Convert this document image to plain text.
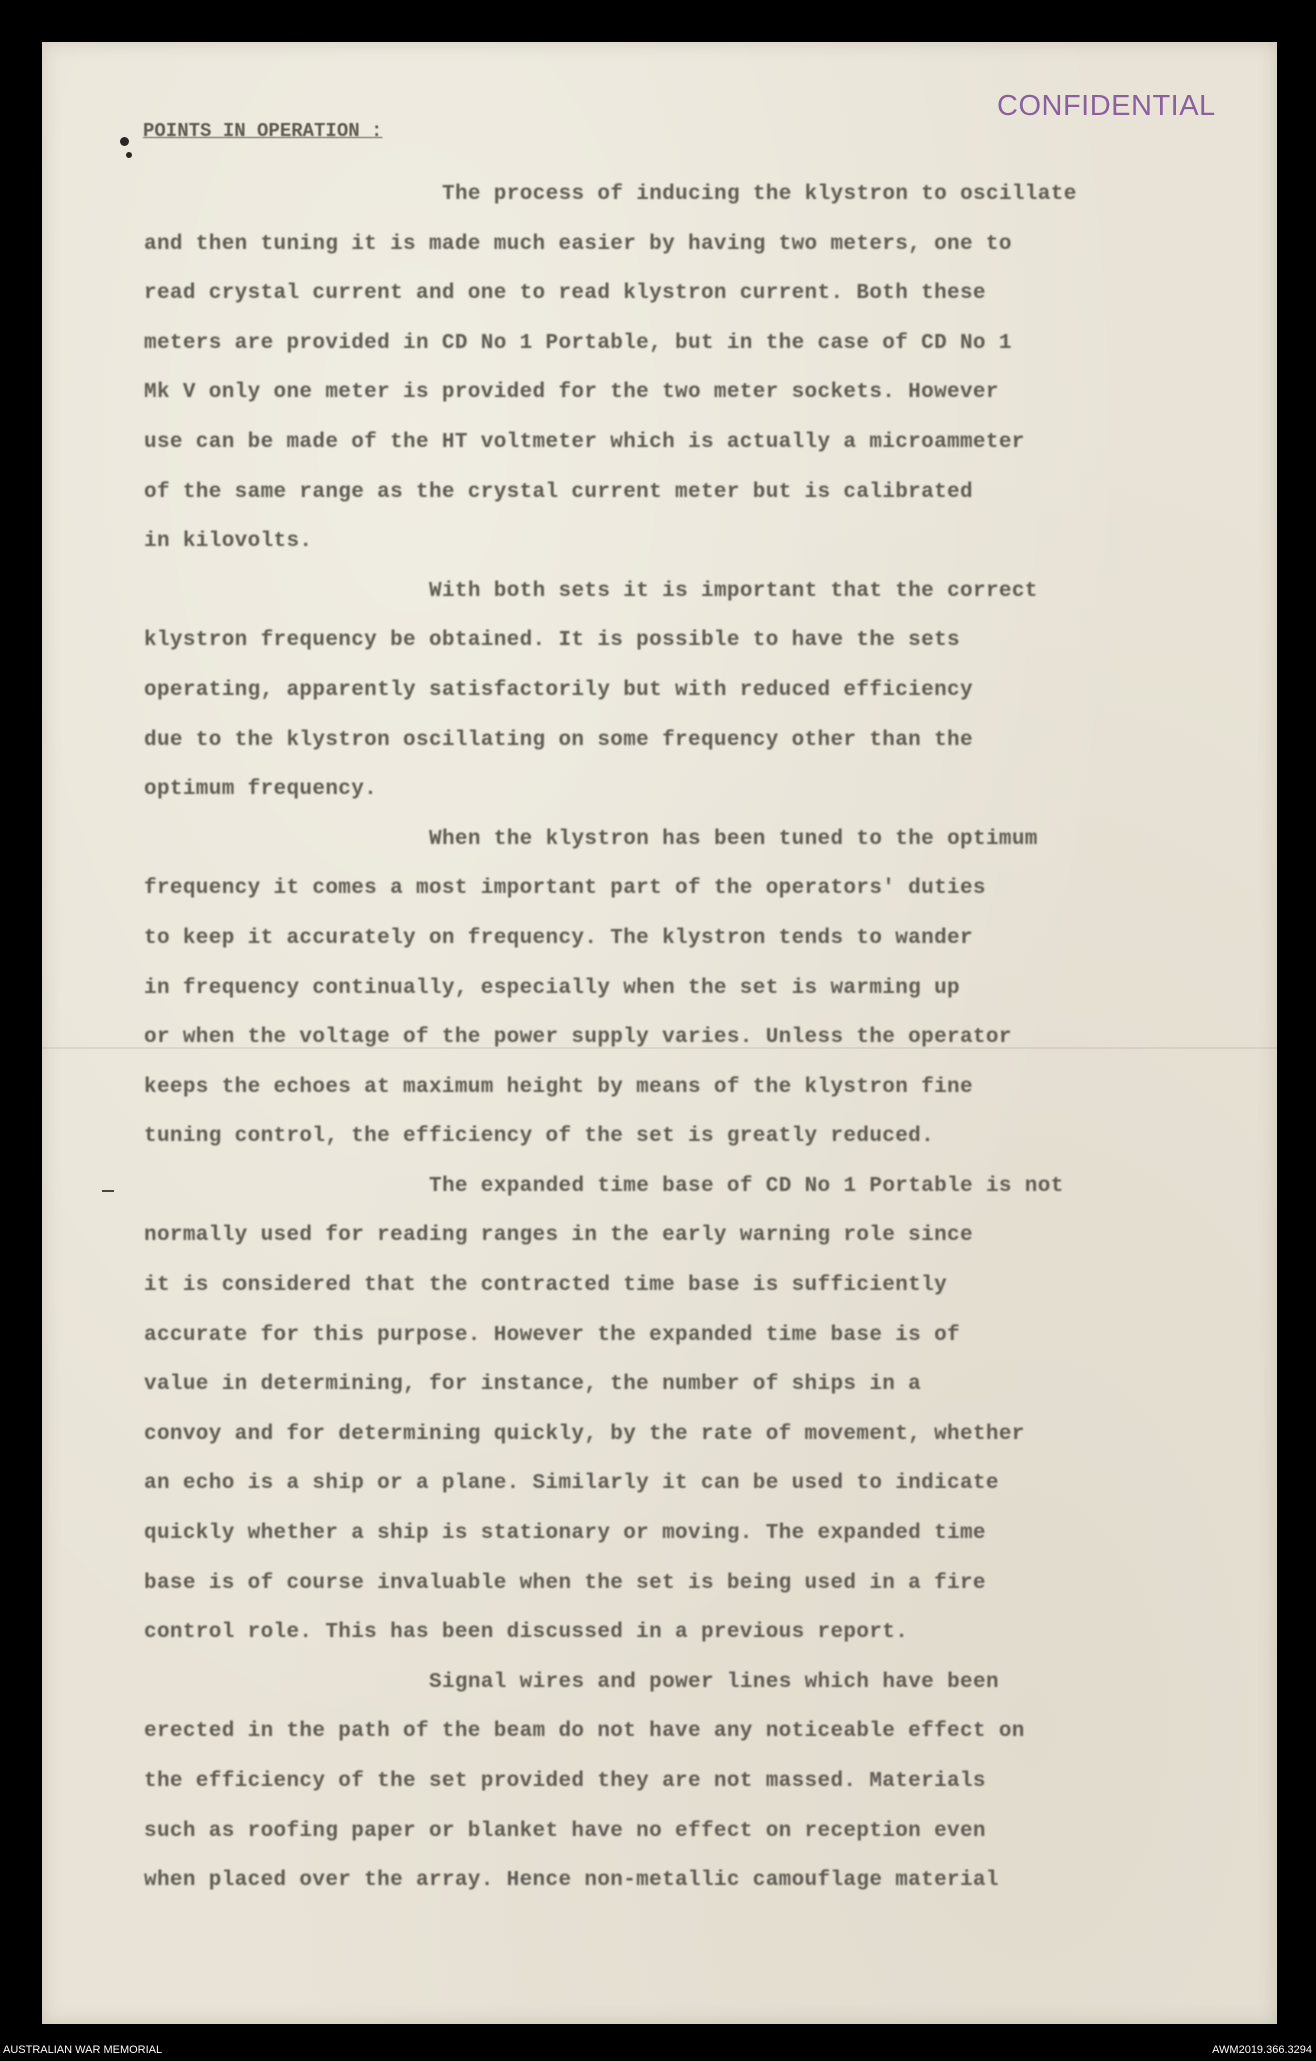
CONFIDENTIAL
POINTS IN OPERATION :
The process of inducing the klystron to oscillate
and then tuning it is made much easier by having two meters, one to
read crystal current and one to read klystron current. Both these
meters are provided in CD No 1 Portable, but in the case of CD No 1
Mk V only one meter is provided for the two meter sockets. However
use can be made of the HT voltmeter which is actually a microammeter
of the same range as the crystal current meter but is calibrated
in kilovolts.
With both sets it is important that the correct
klystron frequency be obtained. It is possible to have the sets
operating, apparently satisfactorily but with reduced efficiency
due to the klystron oscillating on some frequency other than the
optimum frequency.
When the klystron has been tuned to the optimum
frequency it comes a most important part of the operators' duties
to keep it accurately on frequency. The klystron tends to wander
in frequency continually, especially when the set is warming up
or when the voltage of the power supply varies. Unless the operator
keeps the echoes at maximum height by means of the klystron fine
tuning control, the efficiency of the set is greatly reduced.
The expanded time base of CD No 1 Portable is not
normally used for reading ranges in the early warning role since
it is considered that the contracted time base is sufficiently
accurate for this purpose. However the expanded time base is of
value in determining, for instance, the number of ships in a
convoy and for determining quickly, by the rate of movement, whether
an echo is a ship or a plane. Similarly it can be used to indicate
quickly whether a ship is stationary or moving. The expanded time
base is of course invaluable when the set is being used in a fire
control role. This has been discussed in a previous report.
Signal wires and power lines which have been
erected in the path of the beam do not have any noticeable effect on
the efficiency of the set provided they are not massed. Materials
such as roofing paper or blanket have no effect on reception even
when placed over the array. Hence non-metallic camouflage material
AUSTRALIAN WAR MEMORIAL	AWM2019.366.3294
